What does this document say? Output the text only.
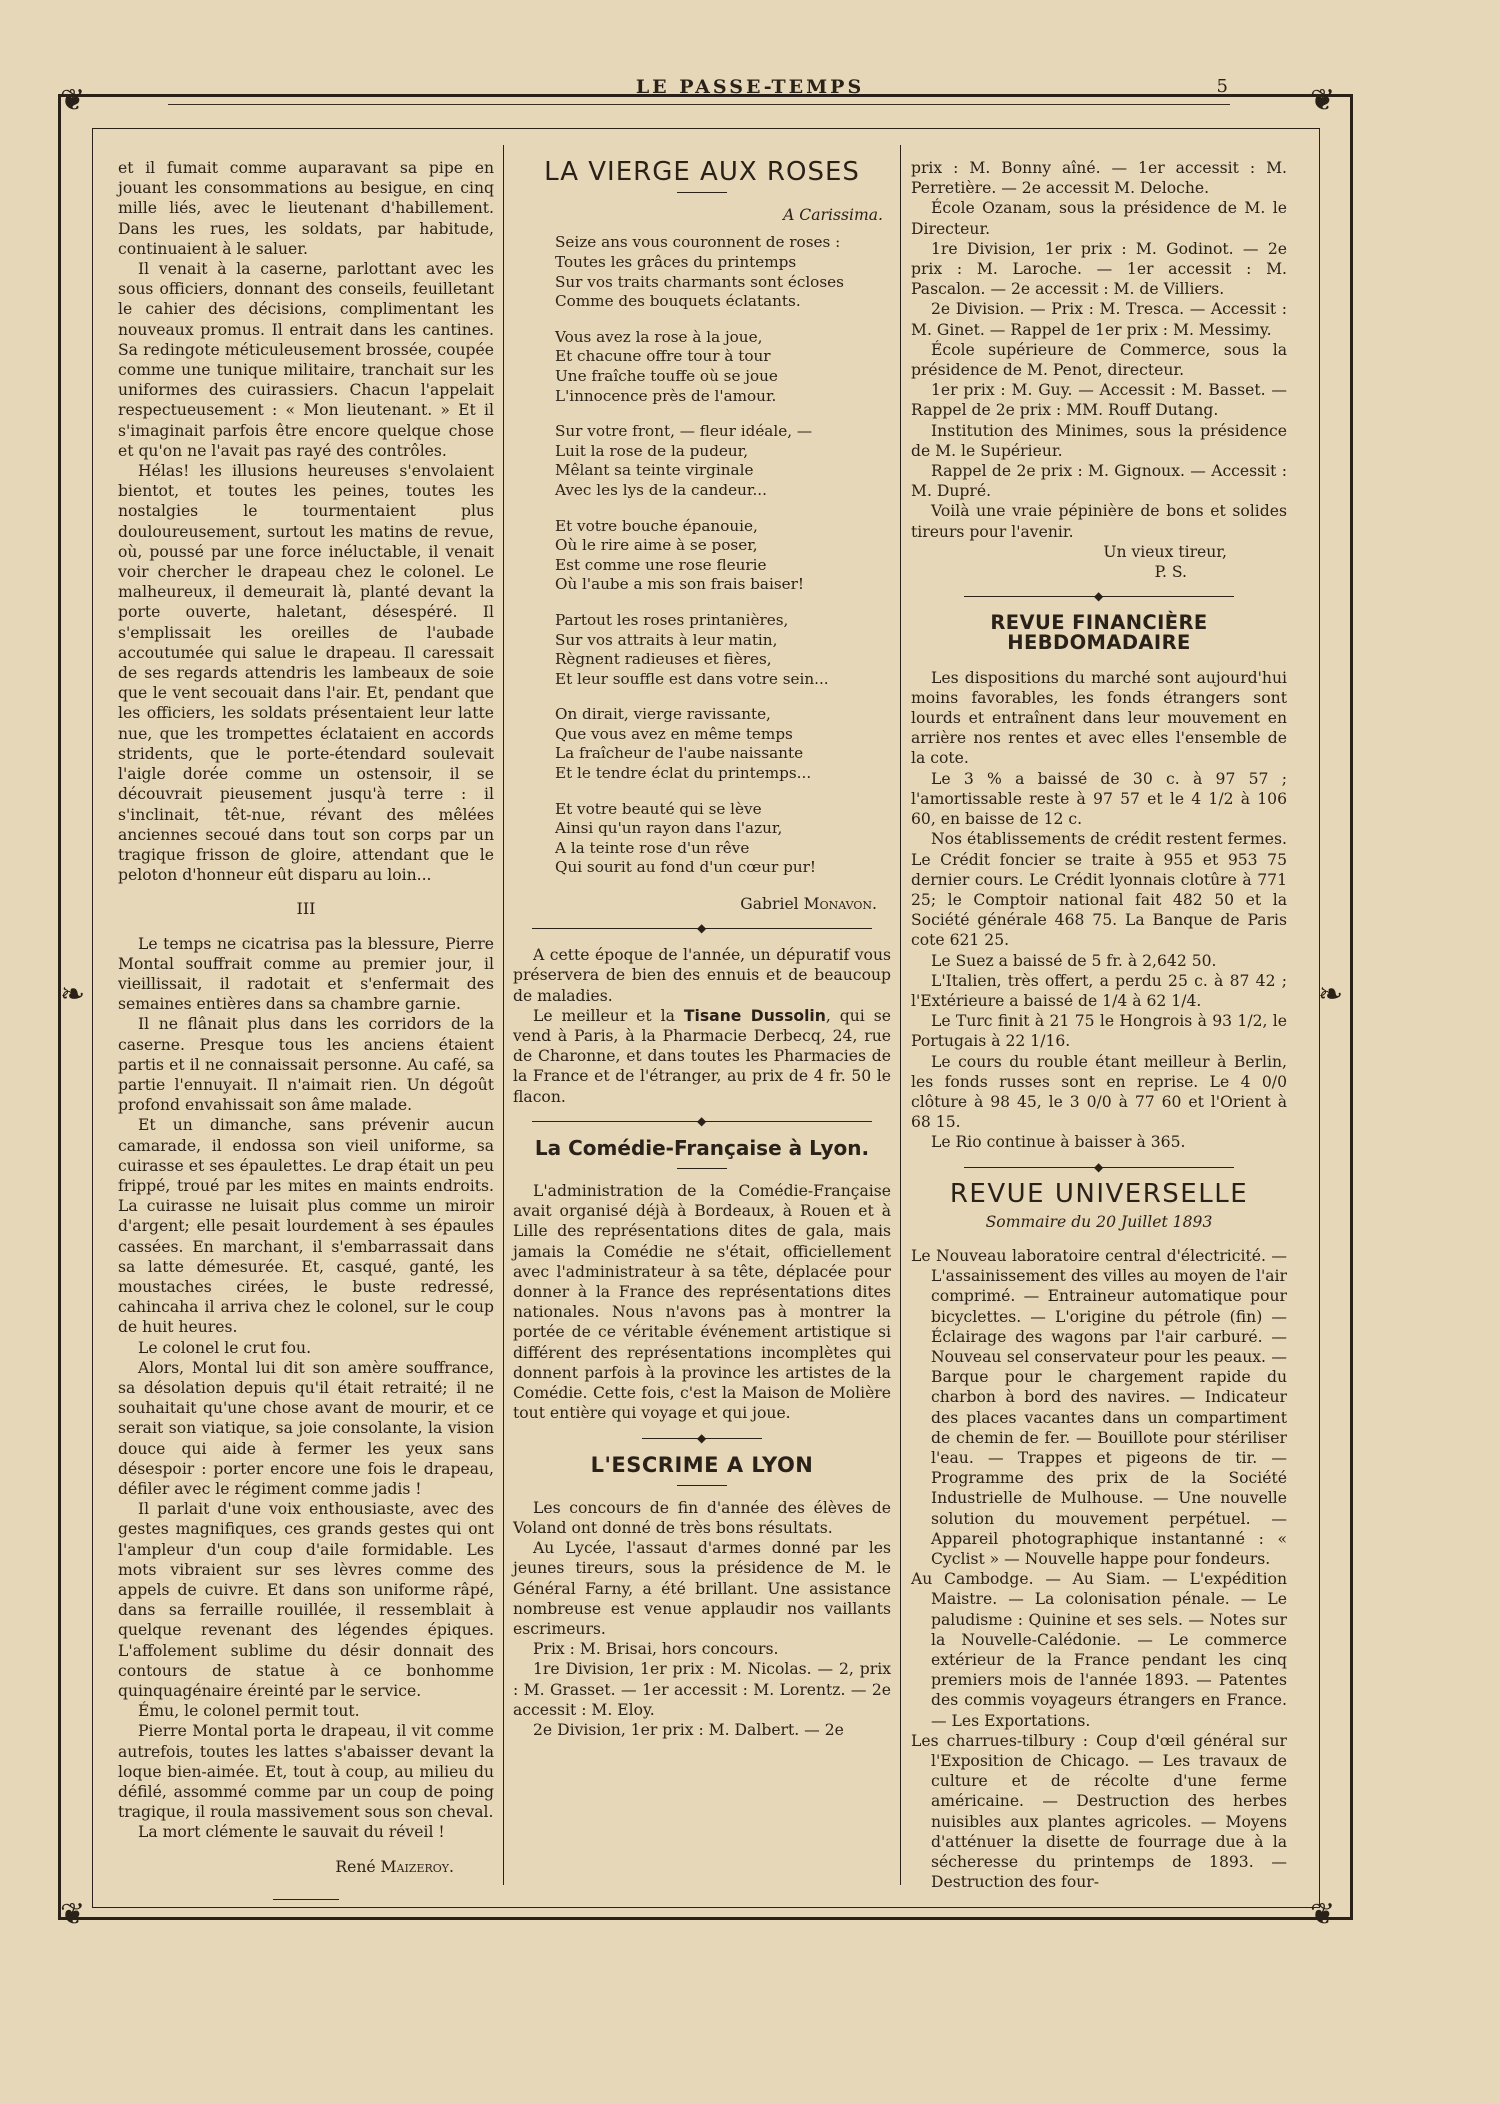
LE PASSE-TEMPS	5
❦	❦
❦	❦
❧	❧

et il fumait comme auparavant sa pipe en jouant les consommations au besigue, en cinq mille liés, avec le lieutenant d'habillement. Dans les rues, les soldats, par habitude, continuaient à le saluer.

Il venait à la caserne, parlottant avec les sous officiers, donnant des conseils, feuilletant le cahier des décisions, complimentant les nouveaux promus. Il entrait dans les cantines. Sa redingote méticuleusement brossée, coupée comme une tunique militaire, tranchait sur les uniformes des cuirassiers. Chacun l'appelait respectueusement : « Mon lieutenant. » Et il s'imaginait parfois être encore quelque chose et qu'on ne l'avait pas rayé des contrôles.

Hélas! les illusions heureuses s'envolaient bientot, et toutes les peines, toutes les nostalgies le tourmentaient plus douloureusement, surtout les matins de revue, où, poussé par une force inéluctable, il venait voir chercher le drapeau chez le colonel. Le malheureux, il demeurait là, planté devant la porte ouverte, haletant, désespéré. Il s'emplissait les oreilles de l'aubade accoutumée qui salue le drapeau. Il caressait de ses regards attendris les lambeaux de soie que le vent secouait dans l'air. Et, pendant que les officiers, les soldats présentaient leur latte nue, que les trompettes éclataient en accords stridents, que le porte-étendard soulevait l'aigle dorée comme un ostensoir, il se découvrait pieusement jusqu'à terre : il s'inclinait, têt-nue, révant des mêlées anciennes secoué dans tout son corps par un tragique frisson de gloire, attendant que le peloton d'honneur eût disparu au loin...

III

Le temps ne cicatrisa pas la blessure, Pierre Montal souffrait comme au premier jour, il vieillissait, il radotait et s'enfermait des semaines entières dans sa chambre garnie.

Il ne flânait plus dans les corridors de la caserne. Presque tous les anciens étaient partis et il ne connaissait personne. Au café, sa partie l'ennuyait. Il n'aimait rien. Un dégoût profond envahissait son âme malade.

Et un dimanche, sans prévenir aucun camarade, il endossa son vieil uniforme, sa cuirasse et ses épaulettes. Le drap était un peu frippé, troué par les mites en maints endroits. La cuirasse ne luisait plus comme un miroir d'argent; elle pesait lourdement à ses épaules cassées. En marchant, il s'embarrassait dans sa latte démesurée. Et, casqué, ganté, les moustaches cirées, le buste redressé, cahincaha il arriva chez le colonel, sur le coup de huit heures.

Le colonel le crut fou.

Alors, Montal lui dit son amère souffrance, sa désolation depuis qu'il était retraité; il ne souhaitait qu'une chose avant de mourir, et ce serait son viatique, sa joie consolante, la vision douce qui aide à fermer les yeux sans désespoir : porter encore une fois le drapeau, défiler avec le régiment comme jadis !

Il parlait d'une voix enthousiaste, avec des gestes magnifiques, ces grands gestes qui ont l'ampleur d'un coup d'aile formidable. Les mots vibraient sur ses lèvres comme des appels de cuivre. Et dans son uniforme râpé, dans sa ferraille rouillée, il ressemblait à quelque revenant des légendes épiques. L'affolement sublime du désir donnait des contours de statue à ce bonhomme quinquagénaire éreinté par le service.

Ému, le colonel permit tout.

Pierre Montal porta le drapeau, il vit comme autrefois, toutes les lattes s'abaisser devant la loque bien-aimée. Et, tout à coup, au milieu du défilé, assommé comme par un coup de poing tragique, il roula massivement sous son cheval.

La mort clémente le sauvait du réveil !

René Maizeroy.
LA VIERGE AUX ROSES
A Carissima.
Seize ans vous couronnent de roses :
Toutes les grâces du printemps
Sur vos traits charmants sont écloses
Comme des bouquets éclatants.
Vous avez la rose à la joue,
Et chacune offre tour à tour
Une fraîche touffe où se joue
L'innocence près de l'amour.
Sur votre front, — fleur idéale, —
Luit la rose de la pudeur,
Mêlant sa teinte virginale
Avec les lys de la candeur...
Et votre bouche épanouie,
Où le rire aime à se poser,
Est comme une rose fleurie
Où l'aube a mis son frais baiser!
Partout les roses printanières,
Sur vos attraits à leur matin,
Règnent radieuses et fières,
Et leur souffle est dans votre sein...
On dirait, vierge ravissante,
Que vous avez en même temps
La fraîcheur de l'aube naissante
Et le tendre éclat du printemps...
Et votre beauté qui se lève
Ainsi qu'un rayon dans l'azur,
A la teinte rose d'un rêve
Qui sourit au fond d'un cœur pur!
Gabriel Monavon.
◆

A cette époque de l'année, un dépuratif vous préservera de bien des ennuis et de beaucoup de maladies.

Le meilleur et la Tisane Dussolin, qui se vend à Paris, à la Pharmacie Derbecq, 24, rue de Charonne, et dans toutes les Pharmacies de la France et de l'étranger, au prix de 4 fr. 50 le flacon.

◆
La Comédie-Française à Lyon.

L'administration de la Comédie-Française avait organisé déjà à Bordeaux, à Rouen et à Lille des représentations dites de gala, mais jamais la Comédie ne s'était, officiellement avec l'administrateur à sa tête, déplacée pour donner à la France des représentations dites nationales. Nous n'avons pas à montrer la portée de ce véritable événement artistique si différent des représentations incomplètes qui donnent parfois à la province les artistes de la Comédie. Cette fois, c'est la Maison de Molière tout entière qui voyage et qui joue.

◆
L'ESCRIME A LYON

Les concours de fin d'année des élèves de Voland ont donné de très bons résultats.

Au Lycée, l'assaut d'armes donné par les jeunes tireurs, sous la présidence de M. le Général Farny, a été brillant. Une assistance nombreuse est venue applaudir nos vaillants escrimeurs.

Prix : M. Brisai, hors concours.

1re Division, 1er prix : M. Nicolas. — 2, prix : M. Grasset. — 1er accessit : M. Lorentz. — 2e accessit : M. Eloy.

2e Division, 1er prix : M. Dalbert. — 2e

prix : M. Bonny aîné. — 1er accessit : M. Perretière. — 2e accessit M. Deloche.

École Ozanam, sous la présidence de M. le Directeur.

1re Division, 1er prix : M. Godinot. — 2e prix : M. Laroche. — 1er accessit : M. Pascalon. — 2e accessit : M. de Villiers.

2e Division. — Prix : M. Tresca. — Accessit : M. Ginet. — Rappel de 1er prix : M. Messimy.

École supérieure de Commerce, sous la présidence de M. Penot, directeur.

1er prix : M. Guy. — Accessit : M. Basset. — Rappel de 2e prix : MM. Rouff Dutang.

Institution des Minimes, sous la présidence de M. le Supérieur.

Rappel de 2e prix : M. Gignoux. — Accessit : M. Dupré.

Voilà une vraie pépinière de bons et solides tireurs pour l'avenir.

Un vieux tireur,
P. S.
◆
REVUE FINANCIÈRE HEBDOMADAIRE

Les dispositions du marché sont aujourd'hui moins favorables, les fonds étrangers sont lourds et entraînent dans leur mouvement en arrière nos rentes et avec elles l'ensemble de la cote.

Le 3 % a baissé de 30 c. à 97 57 ; l'amortissable reste à 97 57 et le 4 1/2 à 106 60, en baisse de 12 c.

Nos établissements de crédit restent fermes. Le Crédit foncier se traite à 955 et 953 75 dernier cours. Le Crédit lyonnais clotûre à 771 25; le Comptoir national fait 482 50 et la Société générale 468 75. La Banque de Paris cote 621 25.

Le Suez a baissé de 5 fr. à 2,642 50.

L'Italien, très offert, a perdu 25 c. à 87 42 ; l'Extérieure a baissé de 1/4 à 62 1/4.

Le Turc finit à 21 75 le Hongrois à 93 1/2, le Portugais à 22 1/16.

Le cours du rouble étant meilleur à Berlin, les fonds russes sont en reprise. Le 4 0/0 clôture à 98 45, le 3 0/0 à 77 60 et l'Orient à 68 15.

Le Rio continue à baisser à 365.

◆
REVUE UNIVERSELLE
Sommaire du 20 Juillet 1893

Le Nouveau laboratoire central d'électricité. — L'assainissement des villes au moyen de l'air comprimé. — Entraineur automatique pour bicyclettes. — L'origine du pétrole (fin) — Éclairage des wagons par l'air carburé. — Nouveau sel conservateur pour les peaux. — Barque pour le chargement rapide du charbon à bord des navires. — Indicateur des places vacantes dans un compartiment de chemin de fer. — Bouillote pour stériliser l'eau. — Trappes et pigeons de tir. — Programme des prix de la Société Industrielle de Mulhouse. — Une nouvelle solution du mouvement perpétuel. — Appareil photographique instantanné : « Cyclist » — Nouvelle happe pour fondeurs.

Au Cambodge. — Au Siam. — L'expédition Maistre. — La colonisation pénale. — Le paludisme : Quinine et ses sels. — Notes sur la Nouvelle-Calédonie. — Le commerce extérieur de la France pendant les cinq premiers mois de l'année 1893. — Patentes des commis voyageurs étrangers en France. — Les Exportations.

Les charrues-tilbury : Coup d'œil général sur l'Exposition de Chicago. — Les travaux de culture et de récolte d'une ferme américaine. — Destruction des herbes nuisibles aux plantes agricoles. — Moyens d'atténuer la disette de fourrage due à la sécheresse du printemps de 1893. — Destruction des four-
